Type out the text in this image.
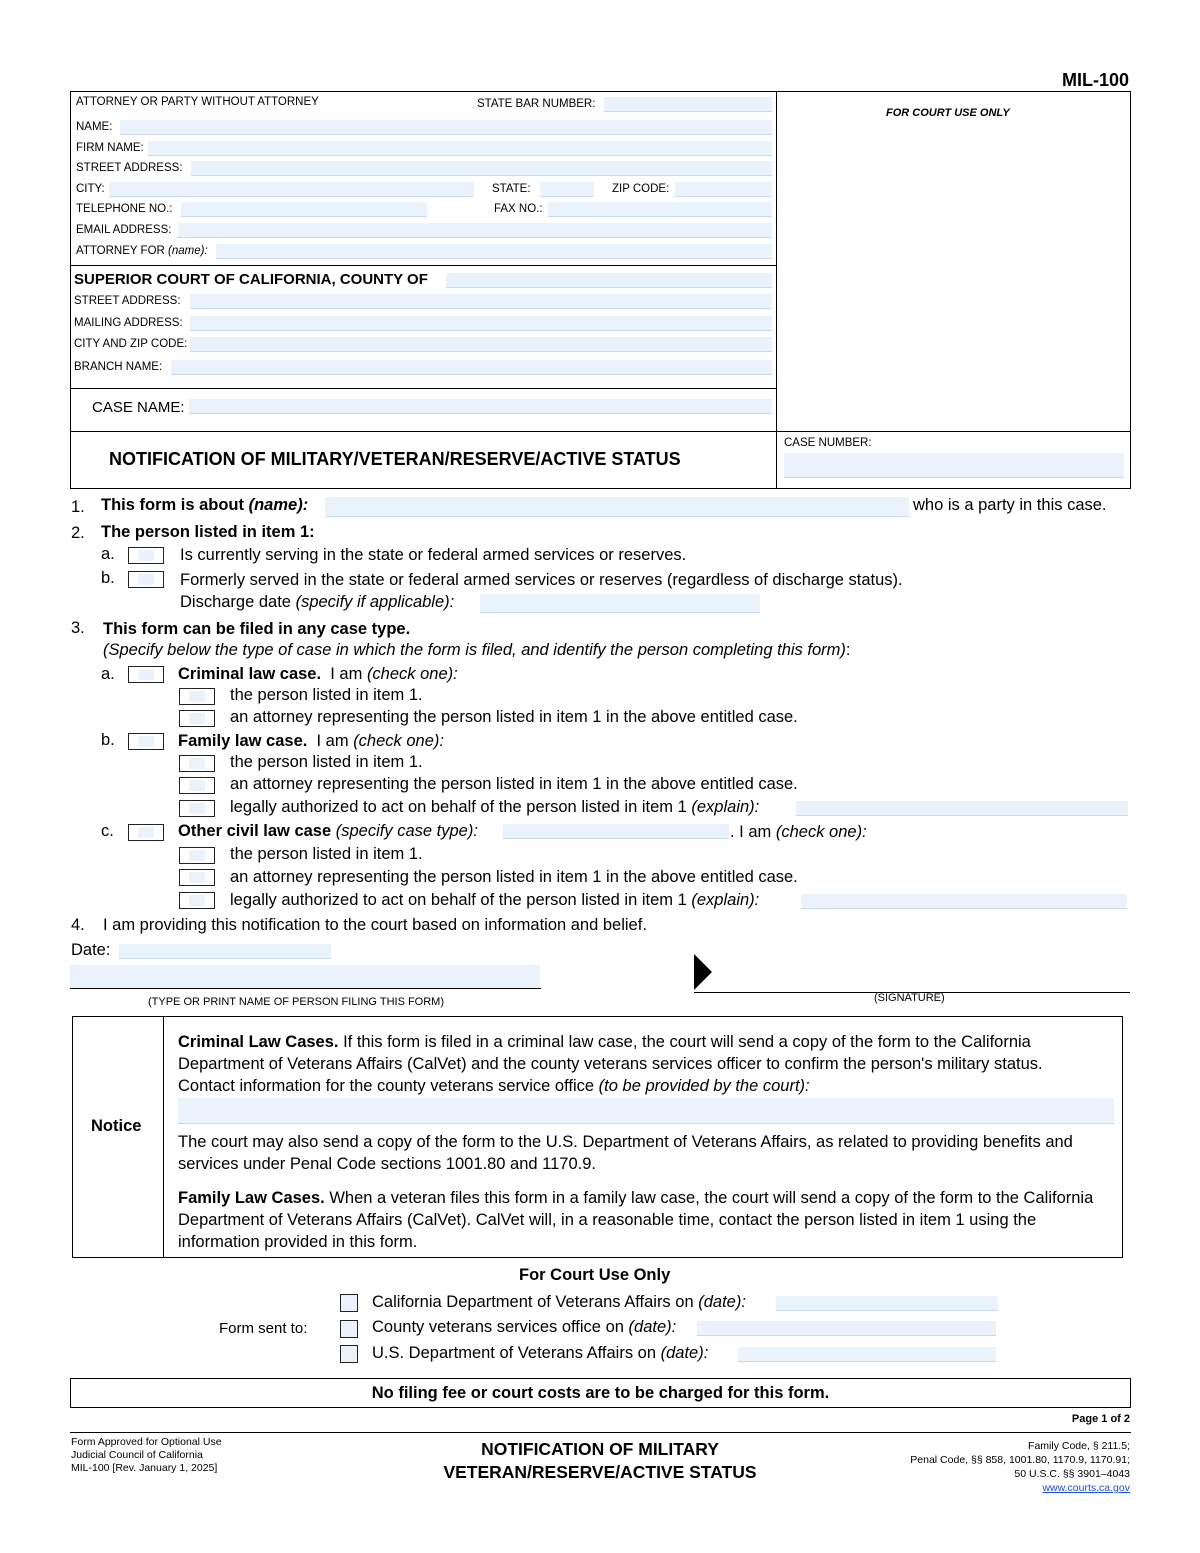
MIL-100
ATTORNEY OR PARTY WITHOUT ATTORNEY	STATE BAR NUMBER:
NAME:
FIRM NAME:
STREET ADDRESS:
CITY:	STATE:	ZIP CODE:
TELEPHONE NO.:	FAX NO.:
EMAIL ADDRESS:
ATTORNEY FOR (name):
FOR COURT USE ONLY
SUPERIOR COURT OF CALIFORNIA, COUNTY OF
STREET ADDRESS:
MAILING ADDRESS:
CITY AND ZIP CODE:
BRANCH NAME:
CASE NAME:
NOTIFICATION OF MILITARY/VETERAN/RESERVE/ACTIVE STATUS
CASE NUMBER:
1. This form is about (name):	who is a party in this case.
2. The person listed in item 1:
a.	Is currently serving in the state or federal armed services or reserves.
b.	Formerly served in the state or federal armed services or reserves (regardless of discharge status).
Discharge date (specify if applicable):
3. This form can be filed in any case type.
(Specify below the type of case in which the form is filed, and identify the person completing this form):
a.	Criminal law case. I am (check one):
the person listed in item 1.
an attorney representing the person listed in item 1 in the above entitled case.
b.	Family law case. I am (check one):
the person listed in item 1.
an attorney representing the person listed in item 1 in the above entitled case.
legally authorized to act on behalf of the person listed in item 1 (explain):
c.	Other civil law case (specify case type):	. I am (check one):
the person listed in item 1.
an attorney representing the person listed in item 1 in the above entitled case.
legally authorized to act on behalf of the person listed in item 1 (explain):
4. I am providing this notification to the court based on information and belief.
Date:
(TYPE OR PRINT NAME OF PERSON FILING THIS FORM)	(SIGNATURE)
Notice
Criminal Law Cases. If this form is filed in a criminal law case, the court will send a copy of the form to the California Department of Veterans Affairs (CalVet) and the county veterans services officer to confirm the person's military status.
Contact information for the county veterans service office (to be provided by the court):
The court may also send a copy of the form to the U.S. Department of Veterans Affairs, as related to providing benefits and services under Penal Code sections 1001.80 and 1170.9.
Family Law Cases. When a veteran files this form in a family law case, the court will send a copy of the form to the California Department of Veterans Affairs (CalVet). CalVet will, in a reasonable time, contact the person listed in item 1 using the information provided in this form.
For Court Use Only
Form sent to:
California Department of Veterans Affairs on (date):
County veterans services office on (date):
U.S. Department of Veterans Affairs on (date):
No filing fee or court costs are to be charged for this form.
Page 1 of 2
Form Approved for Optional Use
Judicial Council of California
MIL-100 [Rev. January 1, 2025]
NOTIFICATION OF MILITARY
VETERAN/RESERVE/ACTIVE STATUS
Family Code, § 211.5;
Penal Code, §§ 858, 1001.80, 1170.9, 1170.91;
50 U.S.C. §§ 3901–4043
www.courts.ca.gov
